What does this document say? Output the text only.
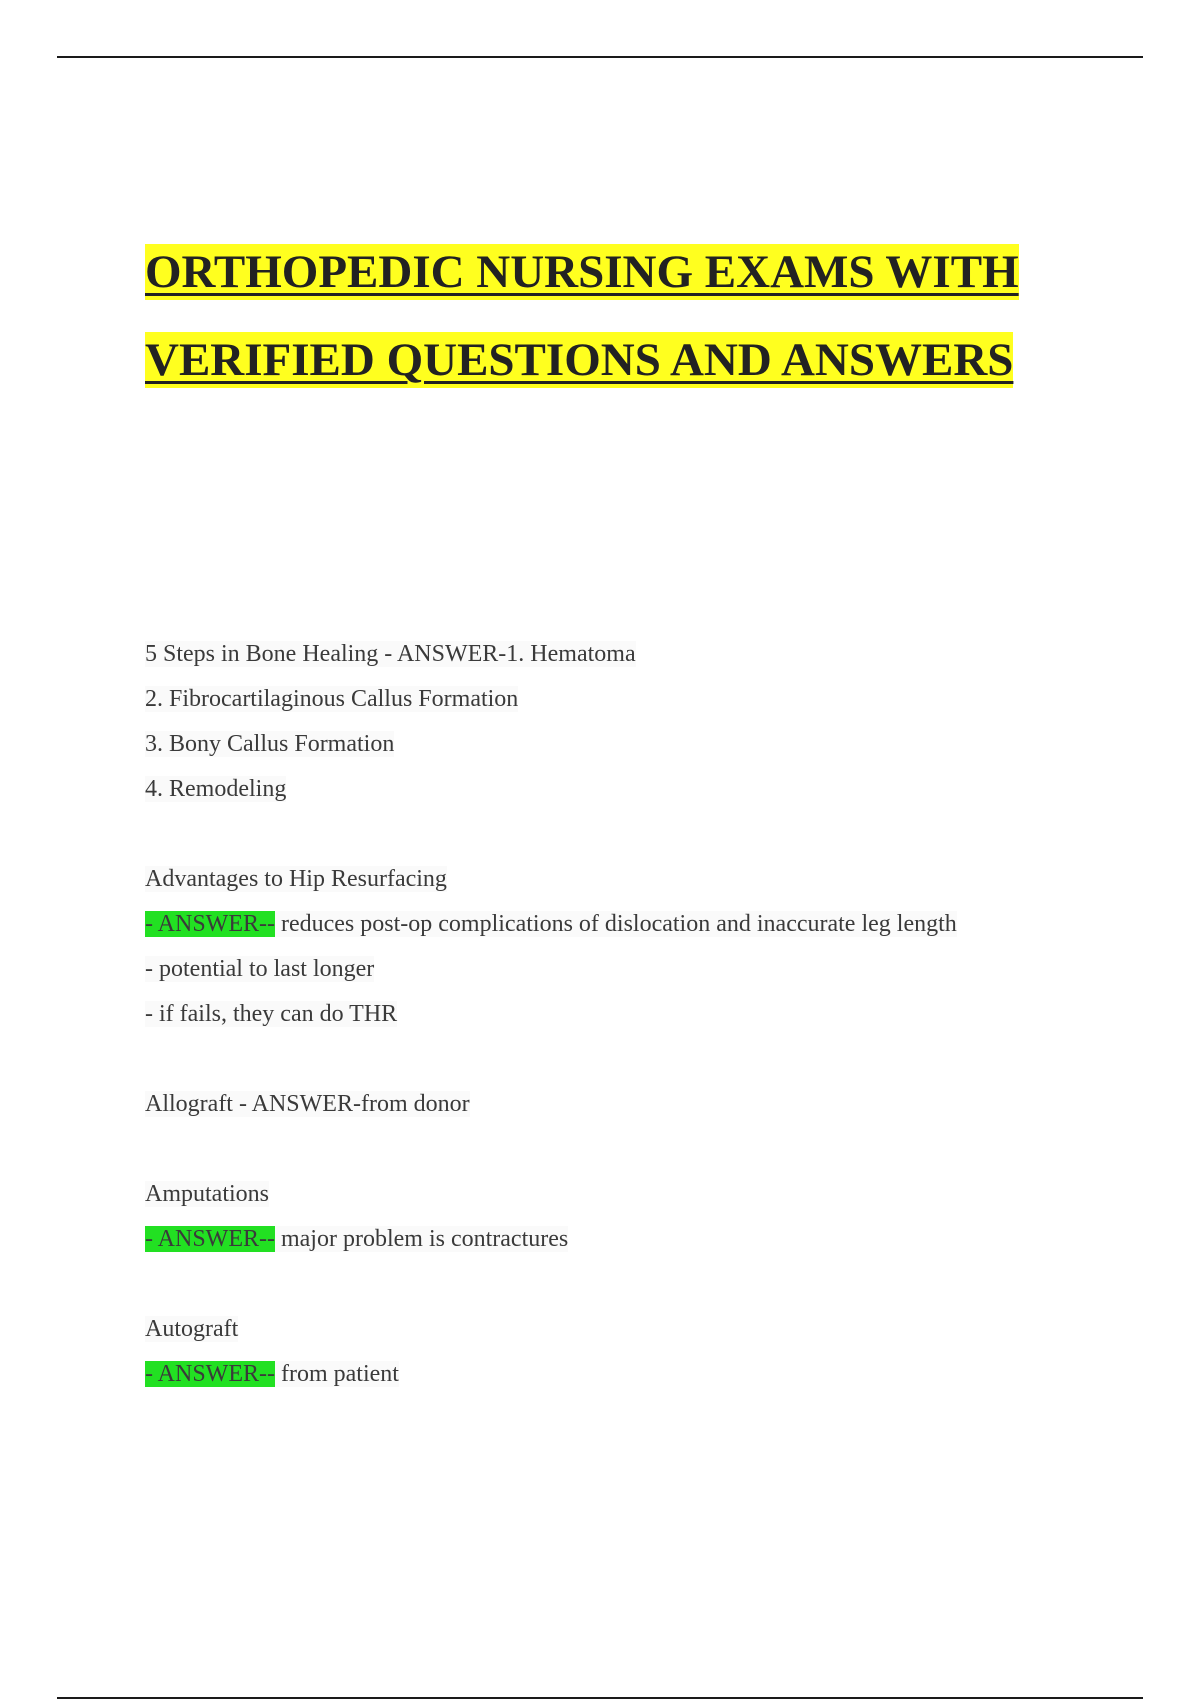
ORTHOPEDIC NURSING EXAMS WITH
VERIFIED QUESTIONS AND ANSWERS
5 Steps in Bone Healing - ANSWER-1. Hematoma
2. Fibrocartilaginous Callus Formation
3. Bony Callus Formation
4. Remodeling
Advantages to Hip Resurfacing
- ANSWER-- reduces post-op complications of dislocation and inaccurate leg length
- potential to last longer
- if fails, they can do THR
Allograft - ANSWER-from donor
Amputations
- ANSWER-- major problem is contractures
Autograft
- ANSWER-- from patient
